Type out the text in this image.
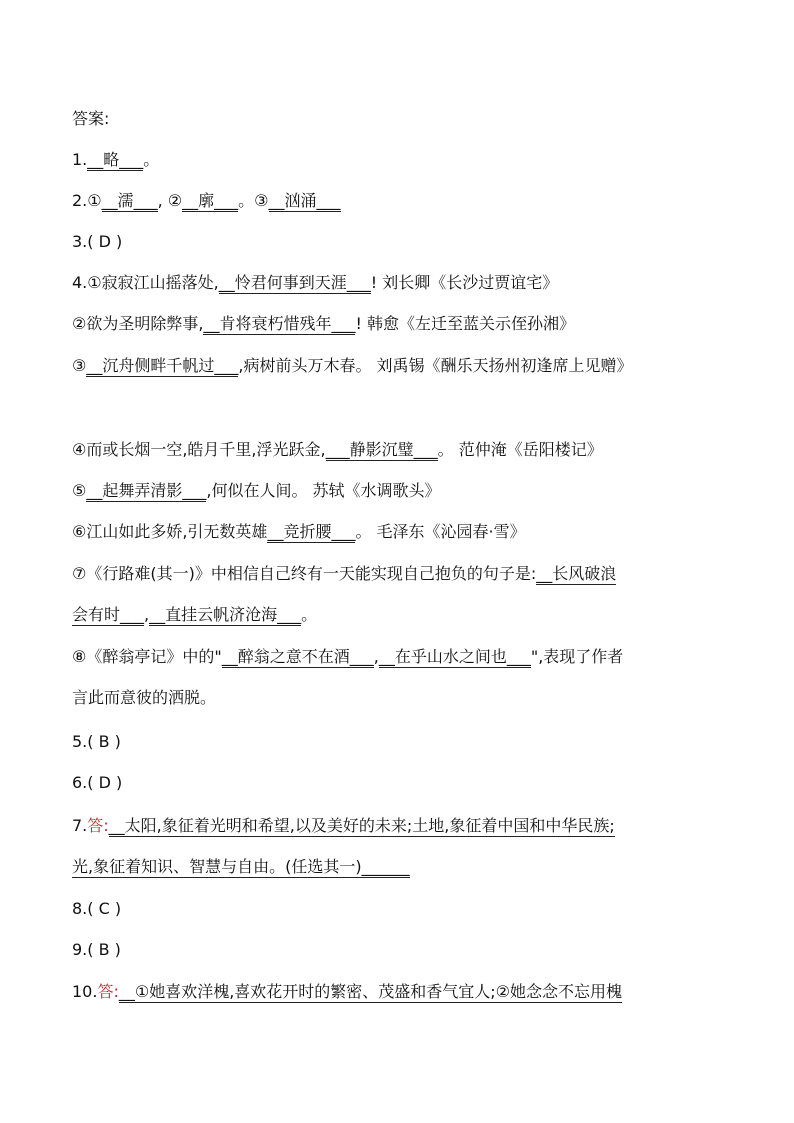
答案:
1.__略___。
2.①__濡___, ②__廓___。③__汹涌___
3.( D )
4.①寂寂江山摇落处,__怜君何事到天涯___! 刘长卿《长沙过贾谊宅》
②欲为圣明除弊事,__肯将衰朽惜残年___! 韩愈《左迁至蓝关示侄孙湘》
③__沉舟侧畔千帆过___,病树前头万木春。 刘禹锡《酬乐天扬州初逢席上见赠》
④而或长烟一空,皓月千里,浮光跃金,___静影沉璧___。 范仲淹《岳阳楼记》
⑤__起舞弄清影___,何似在人间。 苏轼《水调歌头》
⑥江山如此多娇,引无数英雄__竞折腰___。 毛泽东《沁园春·雪》
⑦《行路难(其一)》中相信自己终有一天能实现自己抱负的句子是:__长风破浪
会有时___,__直挂云帆济沧海___。
⑧《醉翁亭记》中的"__醉翁之意不在酒___,__在乎山水之间也___",表现了作者
言此而意彼的洒脱。
5.( B )
6.( D )
7.答:__太阳,象征着光明和希望,以及美好的未来;土地,象征着中国和中华民族;
光,象征着知识、智慧与自由。(任选其一)______
8.( C )
9.( B )
10.答:__①她喜欢洋槐,喜欢花开时的繁密、茂盛和香气宜人;②她念念不忘用槐
